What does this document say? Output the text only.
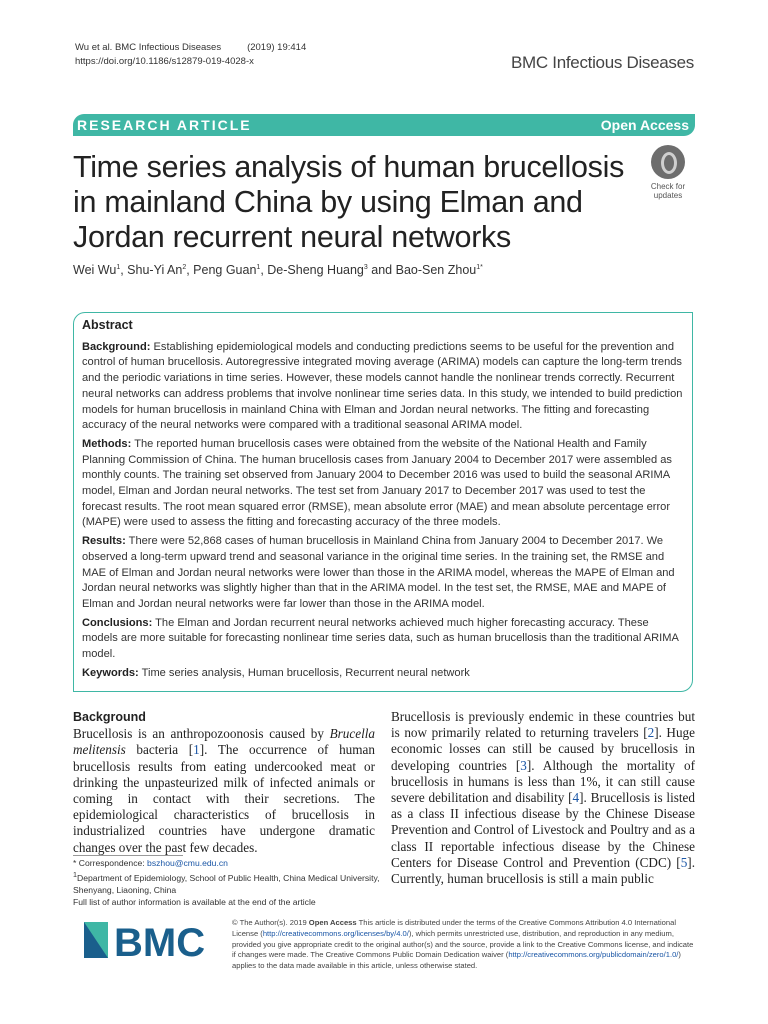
Wu et al. BMC Infectious Diseases	(2019) 19:414
https://doi.org/10.1186/s12879-019-4028-x	BMC Infectious Diseases
RESEARCH ARTICLE	Open Access
Time series analysis of human brucellosis in mainland China by using Elman and Jordan recurrent neural networks
Check for
updates
Wei Wu$^1$, Shu-Yi An$^2$, Peng Guan$^1$, De-Sheng Huang$^3$ and Bao-Sen Zhou$^{1*}$
Abstract

Background: Establishing epidemiological models and conducting predictions seems to be useful for the prevention and control of human brucellosis. Autoregressive integrated moving average (ARIMA) models can capture the long-term trends and the periodic variations in time series. However, these models cannot handle the nonlinear trends correctly. Recurrent neural networks can address problems that involve nonlinear time series data. In this study, we intended to build prediction models for human brucellosis in mainland China with Elman and Jordan neural networks. The fitting and forecasting accuracy of the neural networks were compared with a traditional seasonal ARIMA model.

Methods: The reported human brucellosis cases were obtained from the website of the National Health and Family Planning Commission of China. The human brucellosis cases from January 2004 to December 2017 were assembled as monthly counts. The training set observed from January 2004 to December 2016 was used to build the seasonal ARIMA model, Elman and Jordan neural networks. The test set from January 2017 to December 2017 was used to test the forecast results. The root mean squared error (RMSE), mean absolute error (MAE) and mean absolute percentage error (MAPE) were used to assess the fitting and forecasting accuracy of the three models.

Results: There were 52,868 cases of human brucellosis in Mainland China from January 2004 to December 2017. We observed a long-term upward trend and seasonal variance in the original time series. In the training set, the RMSE and MAE of Elman and Jordan neural networks were lower than those in the ARIMA model, whereas the MAPE of Elman and Jordan neural networks was slightly higher than that in the ARIMA model. In the test set, the RMSE, MAE and MAPE of Elman and Jordan neural networks were far lower than those in the ARIMA model.

Conclusions: The Elman and Jordan recurrent neural networks achieved much higher forecasting accuracy. These models are more suitable for forecasting nonlinear time series data, such as human brucellosis than the traditional ARIMA model.

Keywords: Time series analysis, Human brucellosis, Recurrent neural network

Background

Brucellosis is an anthropozoonosis caused by Brucella melitensis bacteria [1]. The occurrence of human brucellosis results from eating undercooked meat or drinking the unpasteurized milk of infected animals or coming in contact with their secretions. The epidemiological characteristics of brucellosis in industrialized countries have undergone dramatic changes over the past few decades.

Brucellosis is previously endemic in these countries but is now primarily related to returning travelers [2]. Huge economic losses can still be caused by brucellosis in developing countries [3]. Although the mortality of brucellosis in humans is less than 1%, it can still cause severe debilitation and disability [4]. Brucellosis is listed as a class II infectious disease by the Chinese Disease Prevention and Control of Livestock and Poultry and as a class II reportable infectious disease by the Chinese Centers for Disease Control and Prevention (CDC) [5]. Currently, human brucellosis is still a main public

* Correspondence: bszhou@cmu.edu.cn
$^1$Department of Epidemiology, School of Public Health, China Medical University, Shenyang, Liaoning, China
Full list of author information is available at the end of the article
BMC	© The Author(s). 2019 Open Access This article is distributed under the terms of the Creative Commons Attribution 4.0 International License (http://creativecommons.org/licenses/by/4.0/), which permits unrestricted use, distribution, and reproduction in any medium, provided you give appropriate credit to the original author(s) and the source, provide a link to the Creative Commons license, and indicate if changes were made. The Creative Commons Public Domain Dedication waiver (http://creativecommons.org/publicdomain/zero/1.0/) applies to the data made available in this article, unless otherwise stated.
